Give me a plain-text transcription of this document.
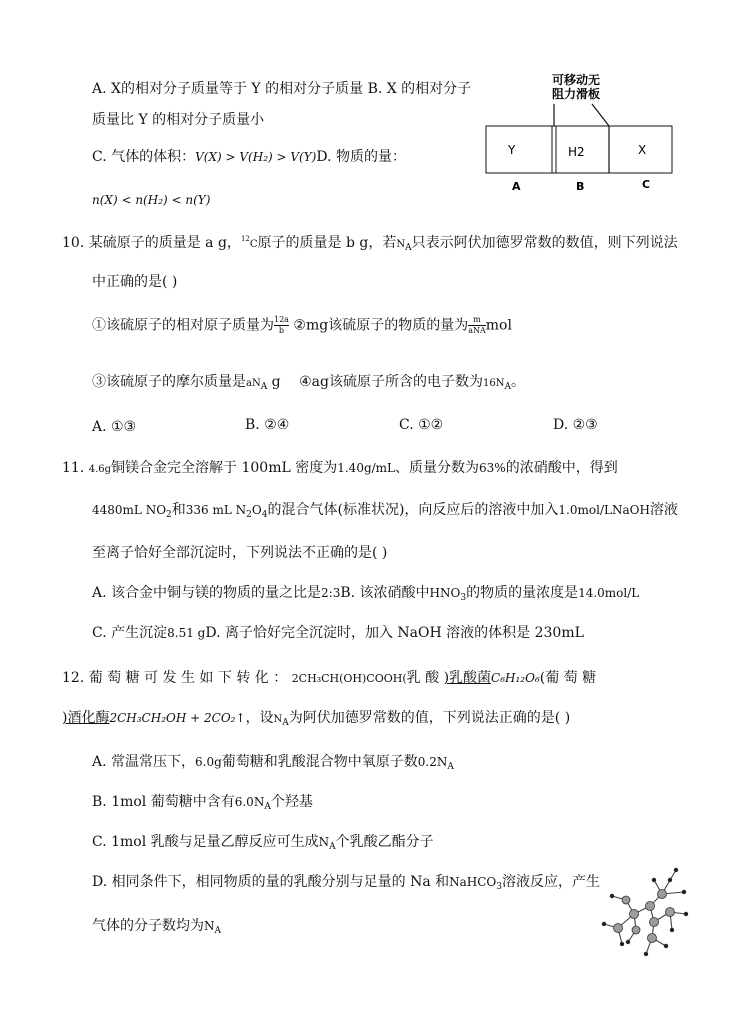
A. X的相对分子质量等于 Y 的相对分子质量 B. X 的相对分子
质量比 Y 的相对分子质量小
C. 气体的体积：V(X) > V(H₂) > V(Y)D. 物质的量：
n(X) < n(H₂) < n(Y)
可移动无
阻力滑板
Y	H2	X
A	B	C
10. 某硫原子的质量是 a g，$^{12}$C原子的质量是 b g，若$N_A$只表示阿伏加德罗常数的数值，则下列说法
中正确的是( )
①该硫原子的相对原子质量为 $\frac{12a}{b}$ ②mg该硫原子的物质的量为 $\frac{m}{\text{aNA}}$ mol
③该硫原子的摩尔质量是$aN_A$ g ④ag该硫原子所含的电子数为$16N_A$。
A. ①③	B. ②④	C. ①②	D. ②③
11. 4.6g铜镁合金完全溶解于 100mL 密度为1.40g/mL、质量分数为63%的浓硝酸中，得到
4480mL $NO_2$和336 mL $N_2O_4$的混合气体(标准状况)，向反应后的溶液中加入1.0mol/LNaOH溶液
至离子恰好全部沉淀时，下列说法不正确的是( )
A. 该合金中铜与镁的物质的量之比是2:3B. 该浓硝酸中$HNO_3$的物质的量浓度是14.0mol/L
C. 产生沉淀8.51 gD. 离子恰好完全沉淀时，加入 NaOH 溶液的体积是 230mL
12. 葡 萄 糖 可 发 生 如 下 转 化 ： 2CH₃CH(OH)COOH(乳 酸 )乳酸菌C₆H₁₂O₆(葡 萄 糖
)酒化酶2CH₃CH₂OH + 2CO₂↑，设$N_A$为阿伏加德罗常数的值，下列说法正确的是( )
A. 常温常压下，6.0g葡萄糖和乳酸混合物中氧原子数$0.2N_A$
B. 1mol 葡萄糖中含有$6.0N_A$个羟基
C. 1mol 乳酸与足量乙醇反应可生成$N_A$个乳酸乙酯分子
D. 相同条件下，相同物质的量的乳酸分别与足量的 Na 和NaHCO$_3$溶液反应，产生
气体的分子数均为$N_A$
